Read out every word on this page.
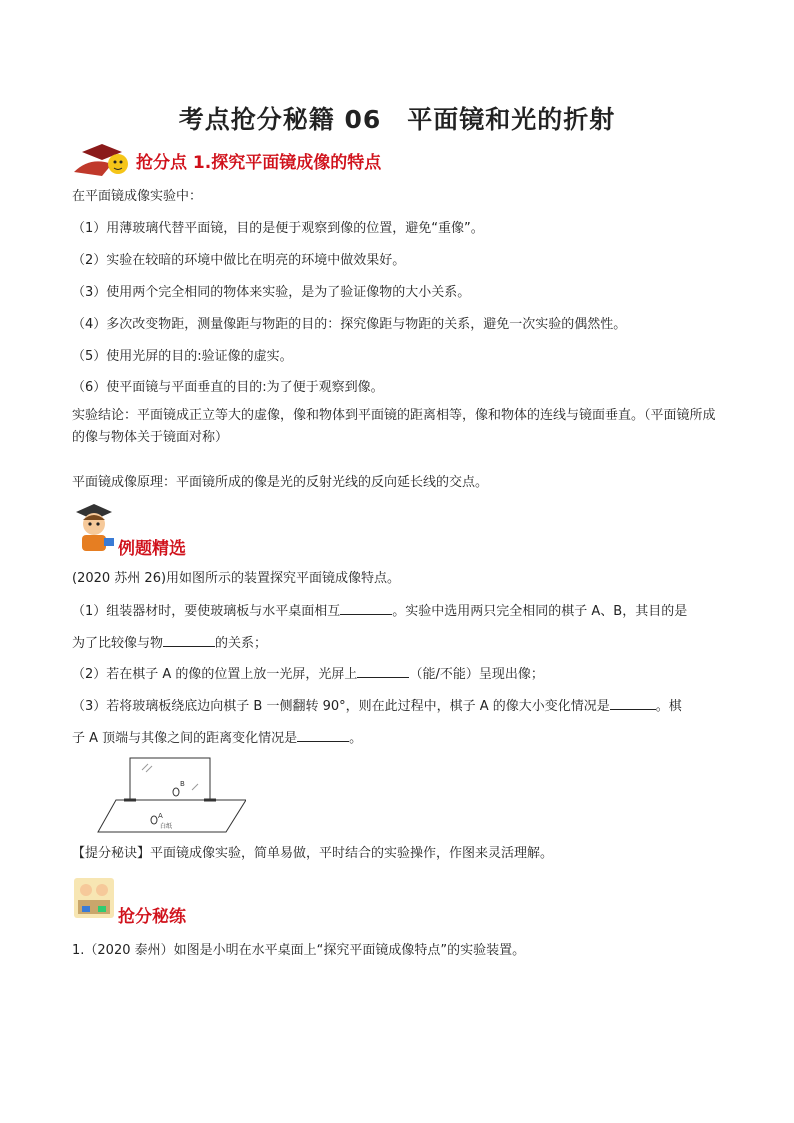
考点抢分秘籍 06　平面镜和光的折射
抢分点 1.探究平面镜成像的特点
在平面镜成像实验中：
（1）用薄玻璃代替平面镜，目的是便于观察到像的位置，避免“重像”。
（2）实验在较暗的环境中做比在明亮的环境中做效果好。
（3）使用两个完全相同的物体来实验，是为了验证像物的大小关系。
（4）多次改变物距，测量像距与物距的目的：探究像距与物距的关系，避免一次实验的偶然性。
（5）使用光屏的目的:验证像的虚实。
（6）使平面镜与平面垂直的目的:为了便于观察到像。
实验结论：平面镜成正立等大的虚像，像和物体到平面镜的距离相等，像和物体的连线与镜面垂直。（平面镜所成的像与物体关于镜面对称）
平面镜成像原理：平面镜所成的像是光的反射光线的反向延长线的交点。
例题精选
(2020 苏州 26)用如图所示的装置探究平面镜成像特点。
（1）组装器材时，要使玻璃板与水平桌面相互	。实验中选用两只完全相同的棋子 A、B，其目的是
为了比较像与物	的关系；
（2）若在棋子 A 的像的位置上放一光屏，光屏上	（能/不能）呈现出像；
（3）若将玻璃板绕底边向棋子 B 一侧翻转 90°，则在此过程中，棋子 A 的像大小变化情况是	。棋
子 A 顶端与其像之间的距离变化情况是	。
B
A
白纸
【提分秘诀】平面镜成像实验，简单易做，平时结合的实验操作，作图来灵活理解。
抢分秘练
1.（2020 泰州）如图是小明在水平桌面上“探究平面镜成像特点”的实验装置。
